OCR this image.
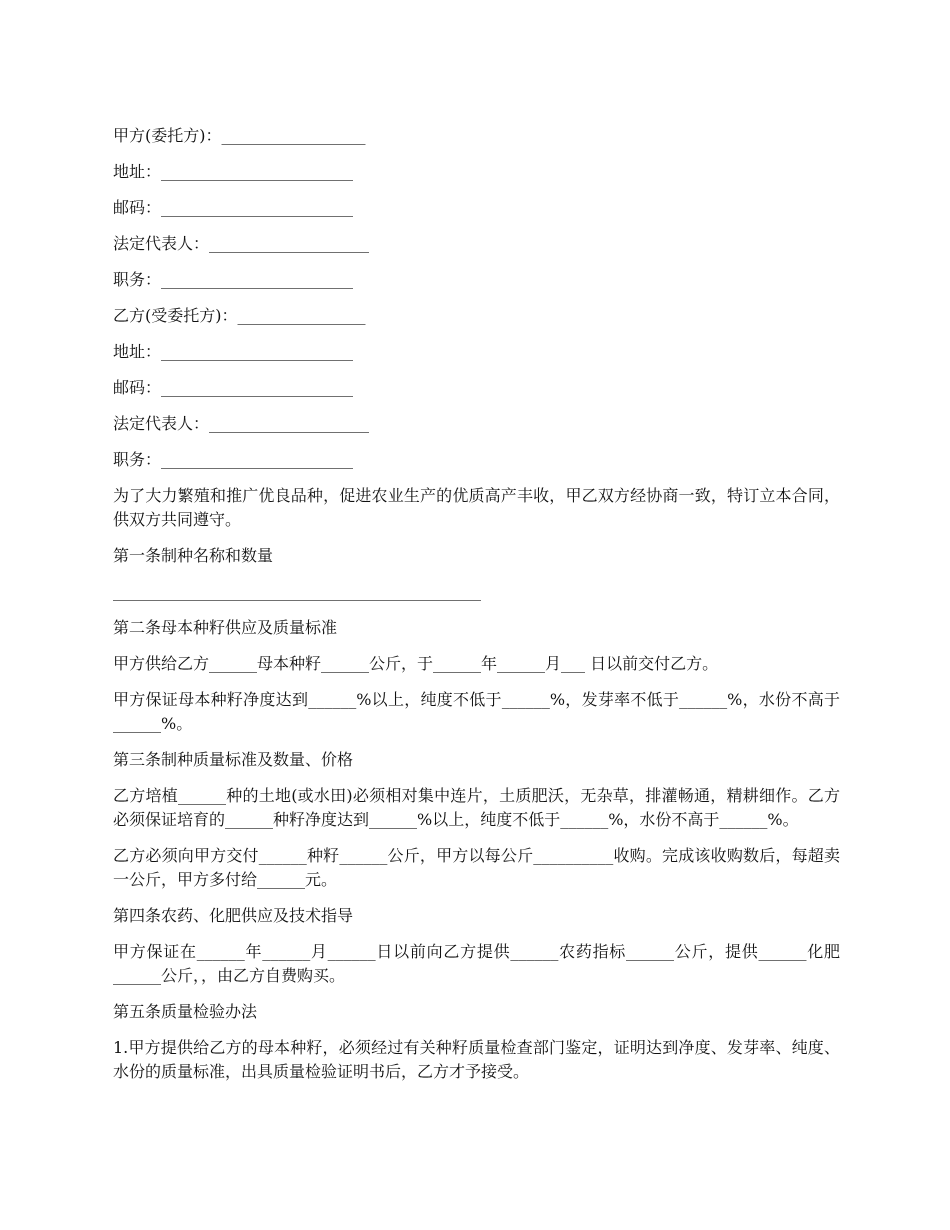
甲方(委托方)：__________________
地址：________________________
邮码：________________________
法定代表人：____________________
职务：________________________
乙方(受委托方)：________________
地址：________________________
邮码：________________________
法定代表人：____________________
职务：________________________
为了大力繁殖和推广优良品种，促进农业生产的优质高产丰收，甲乙双方经协商一致，特订立本合同，供双方共同遵守。
第一条制种名称和数量
______________________________________________
第二条母本种籽供应及质量标准
甲方供给乙方______母本种籽______公斤，于______年______月___ 日以前交付乙方。
甲方保证母本种籽净度达到______%以上，纯度不低于______%，发芽率不低于______%，水份不高于______%。
第三条制种质量标准及数量、价格
乙方培植______种的土地(或水田)必须相对集中连片，土质肥沃，无杂草，排灌畅通，精耕细作。乙方必须保证培育的______种籽净度达到______%以上，纯度不低于______%，水份不高于______%。
乙方必须向甲方交付______种籽______公斤，甲方以每公斤__________收购。完成该收购数后，每超卖一公斤，甲方多付给______元。
第四条农药、化肥供应及技术指导
甲方保证在______年______月______日以前向乙方提供______农药指标______公斤，提供______化肥______公斤，，由乙方自费购买。
第五条质量检验办法
1.甲方提供给乙方的母本种籽，必须经过有关种籽质量检查部门鉴定，证明达到净度、发芽率、纯度、水份的质量标准，出具质量检验证明书后，乙方才予接受。
